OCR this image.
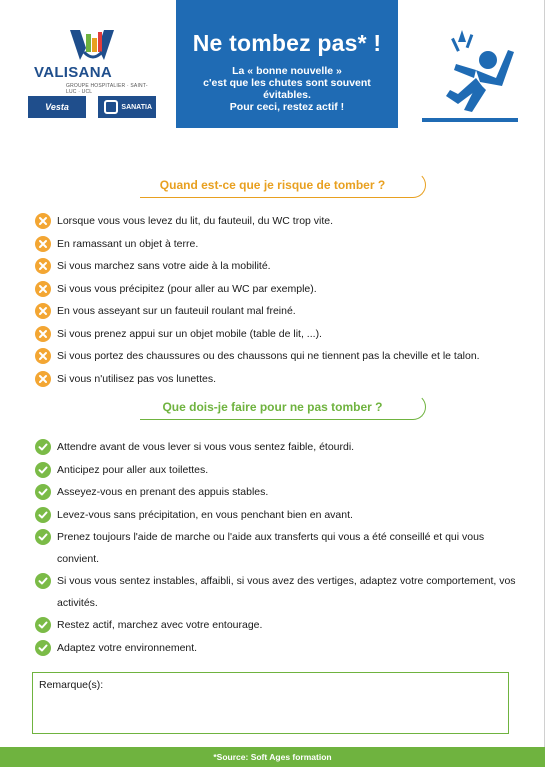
VALISANA
GROUPE HOSPITALIER · SAINT-LUC · UCL
Vesta	SANATIA
Ne tombez pas* !
La « bonne nouvelle »
c'est que les chutes sont souvent évitables.
Pour ceci, restez actif !
Quand est-ce que je risque de tomber ?
Lorsque vous vous levez du lit, du fauteuil, du WC trop vite.
En ramassant un objet à terre.
Si vous marchez sans votre aide à la mobilité.
Si vous vous précipitez (pour aller au WC par exemple).
En vous asseyant sur un fauteuil roulant mal freiné.
Si vous prenez appui sur un objet mobile (table de lit, ...).
Si vous portez des chaussures ou des chaussons qui ne tiennent pas la cheville et le talon.
Si vous n'utilisez pas vos lunettes.
Que dois-je faire pour ne pas tomber ?
Attendre avant de vous lever si vous vous sentez faible, étourdi.
Anticipez pour aller aux toilettes.
Asseyez-vous en prenant des appuis stables.
Levez-vous sans précipitation, en vous penchant bien en avant.
Prenez toujours l'aide de marche ou l'aide aux transferts qui vous a été conseillé et qui vous convient.
Si vous vous sentez instables, affaibli, si vous avez des vertiges, adaptez votre comportement, vos activités.
Restez actif, marchez avec votre entourage.
Adaptez votre environnement.
Remarque(s):
*Source: Soft Ages formation
